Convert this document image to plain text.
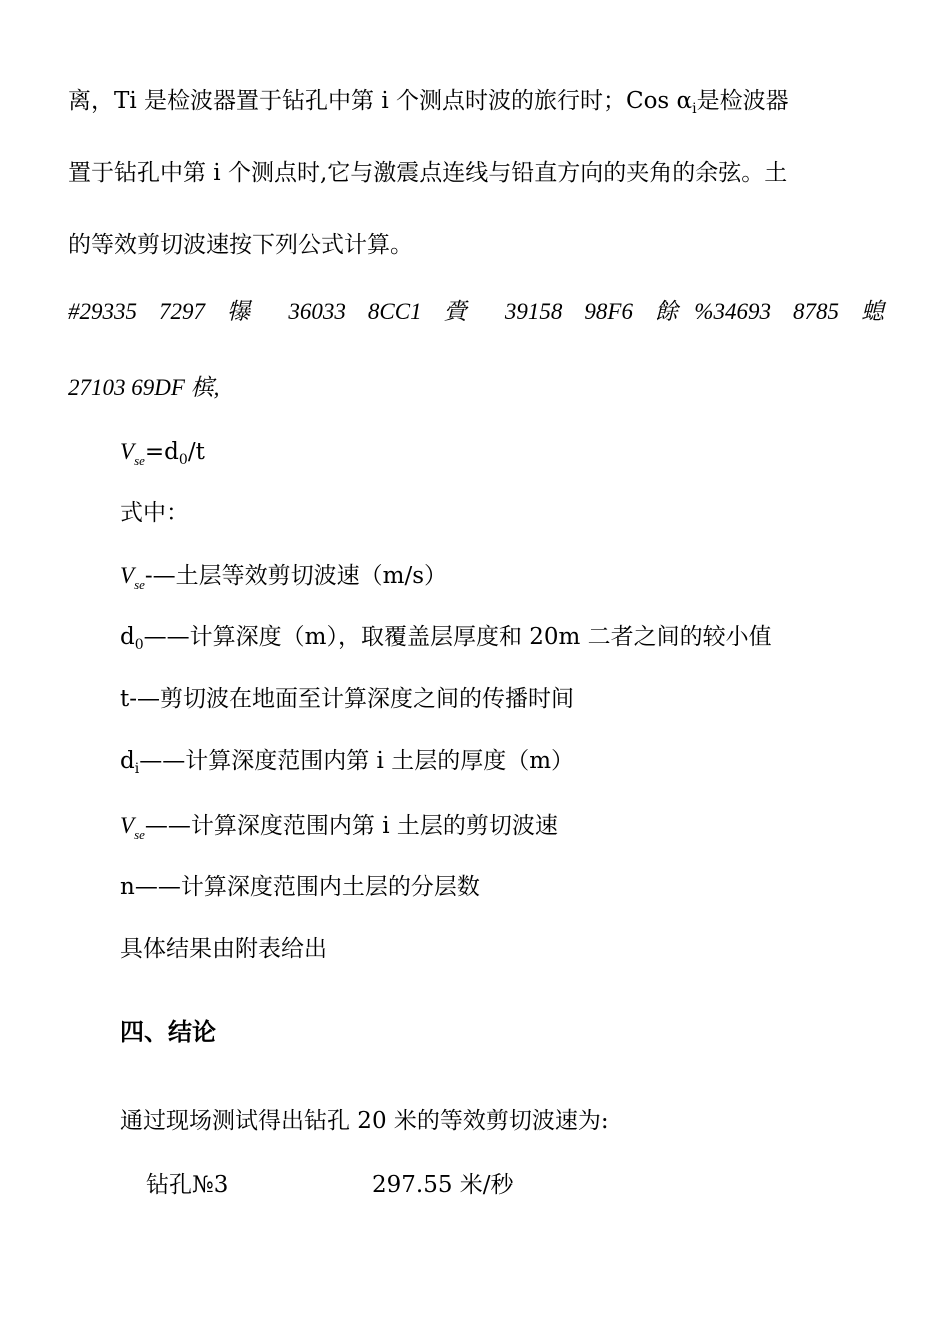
离，Ti 是检波器置于钻孔中第 i 个测点时波的旅行时；Cos $\alpha_i$是检波器
置于钻孔中第 i 个测点时,它与激震点连线与铅直方向的夹角的余弦。土
的等效剪切波速按下列公式计算。
#29335 7297 犦 36033 8CC1 賫 39158 98F6 餘%34693 8785 螅
27103 69DF 槟,
$V_{se}=d_0/t$
式中：
$V_{se}-—$土层等效剪切波速（m/s）
$d_0——$计算深度（m），取覆盖层厚度和 20m 二者之间的较小值
t-—剪切波在地面至计算深度之间的传播时间
$d_i——$计算深度范围内第 i 土层的厚度（m）
$V_{se}——$计算深度范围内第 i 土层的剪切波速
n——计算深度范围内土层的分层数
具体结果由附表给出
四、结论
通过现场测试得出钻孔 20 米的等效剪切波速为:
钻孔№3	297.55 米/秒
